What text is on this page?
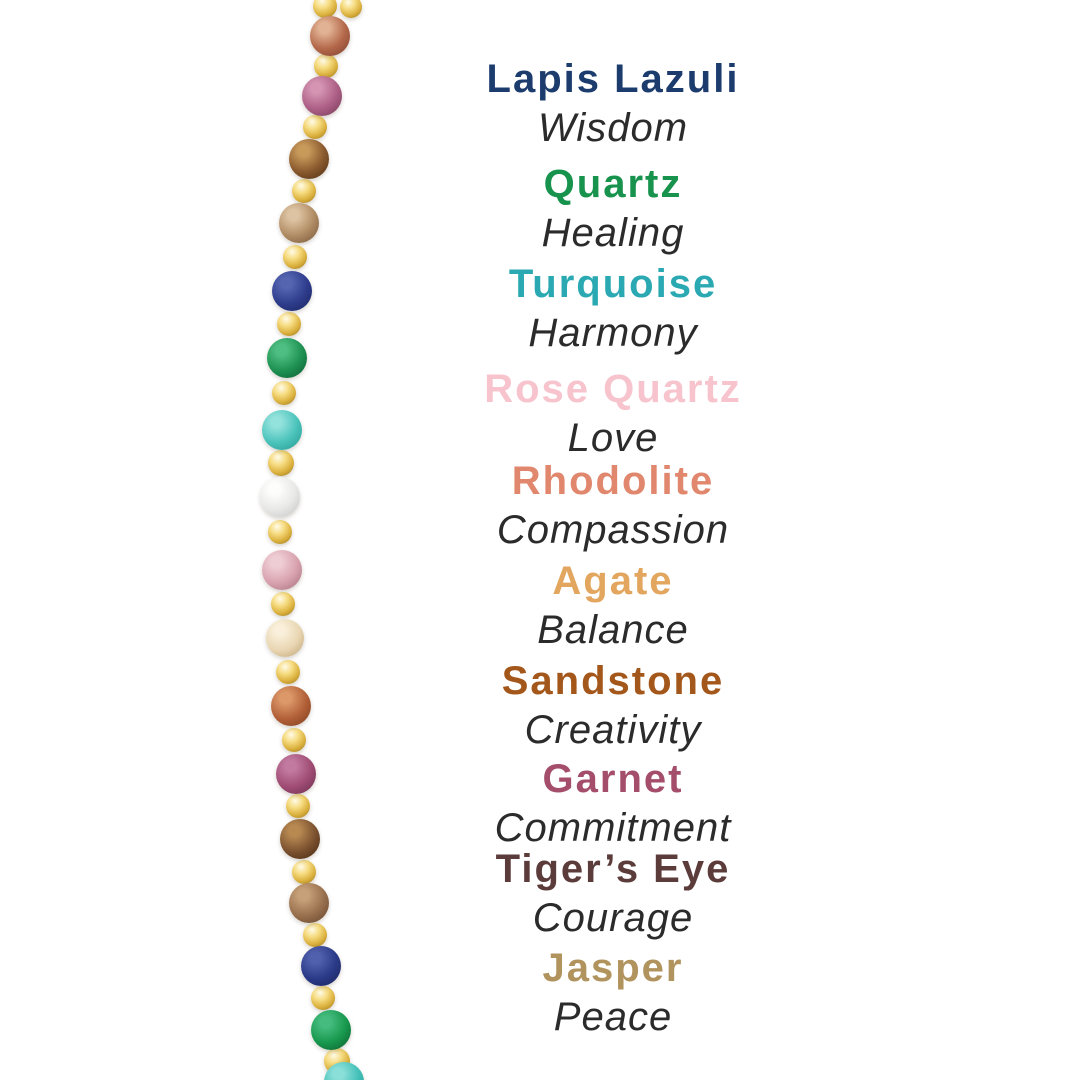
Lapis Lazuli
Wisdom
Quartz
Healing
Turquoise
Harmony
Rose Quartz
Love
Rhodolite
Compassion
Agate
Balance
Sandstone
Creativity
Garnet
Commitment
Tiger’s Eye
Courage
Jasper
Peace
